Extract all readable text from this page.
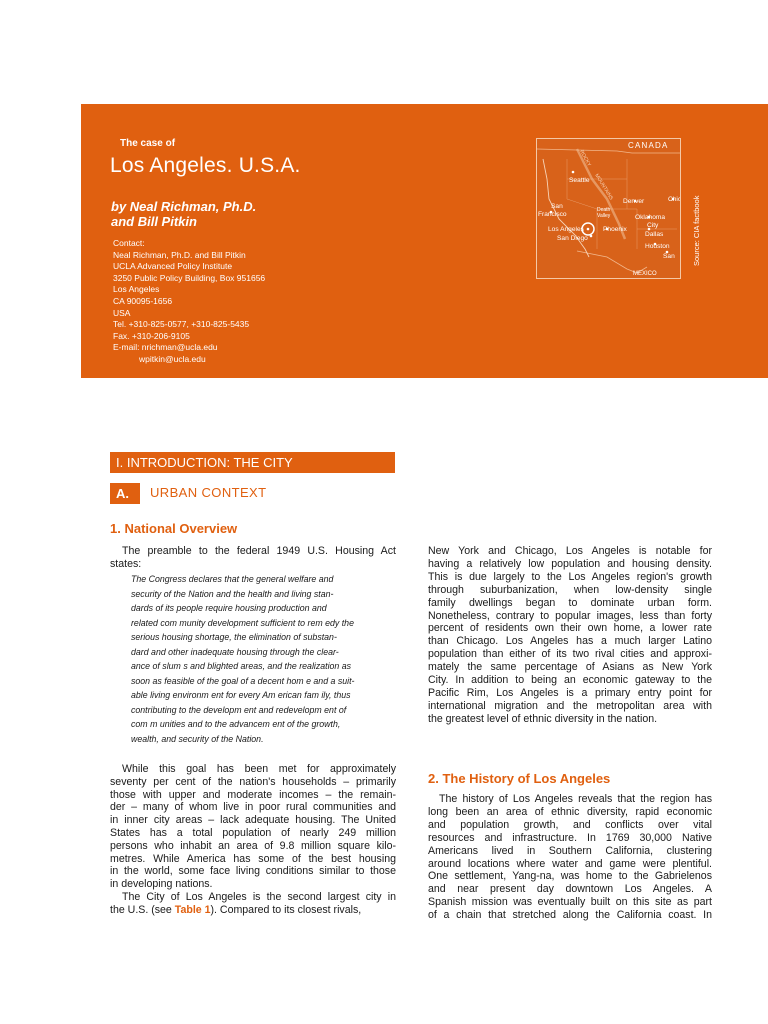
The case of
Los Angeles. U.S.A.
by Neal Richman, Ph.D.
and Bill Pitkin
Contact:
Neal Richman, Ph.D. and Bill Pitkin
UCLA Advanced Policy Institute
3250 Public Policy Building, Box 951656
Los Angeles
CA 90095-1656
USA
Tel. +310-825-0577, +310-825-5435
Fax. +310-206-9105
E-mail: nrichman@ucla.edu
wpitkin@ucla.edu
CANADA
Seattle
San
Francisco
Los Angeles
San Diego
Phoenix
Denver
Oklahoma
City
Dallas
Houston
San
Chic
MEXICO
Death
Valley
ROCKY
MOUNTAINS
Source: CIA factbook
I. INTRODUCTION: THE CITY
A.	URBAN CONTEXT
1. National Overview
The preamble to the federal 1949 U.S. Housing Act
states:
The Congress declares that the general welfare and
security of the Nation and the health and living stan-
dards of its people require housing production and
related com munity development sufficient to rem edy the
serious housing shortage, the elimination of substan-
dard and other inadequate housing through the clear-
ance of slum s and blighted areas, and the realization as
soon as feasible of the goal of a decent hom e and a suit-
able living environm ent for every Am erican fam ily, thus
contributing to the developm ent and redevelopm ent of
com m unities and to the advancem ent of the growth,
wealth, and security of the Nation.
While this goal has been met for approximately
seventy per cent of the nation's households – primarily
those with upper and moderate incomes – the remain-
der – many of whom live in poor rural communities and
in inner city areas – lack adequate housing. The United
States has a total population of nearly 249 million
persons who inhabit an area of 9.8 million square kilo-
metres. While America has some of the best housing
in the world, some face living conditions similar to those
in developing nations.
The City of Los Angeles is the second largest city in
the U.S. (see Table 1). Compared to its closest rivals,
New York and Chicago, Los Angeles is notable for
having a relatively low population and housing density.
This is due largely to the Los Angeles region's growth
through suburbanization, when low-density single
family dwellings began to dominate urban form.
Nonetheless, contrary to popular images, less than forty
percent of residents own their own home, a lower rate
than Chicago. Los Angeles has a much larger Latino
population than either of its two rival cities and approxi-
mately the same percentage of Asians as New York
City. In addition to being an economic gateway to the
Pacific Rim, Los Angeles is a primary entry point for
international migration and the metropolitan area with
the greatest level of ethnic diversity in the nation.
2. The History of Los Angeles
The history of Los Angeles reveals that the region has
long been an area of ethnic diversity, rapid economic
and population growth, and conflicts over vital
resources and infrastructure. In 1769 30,000 Native
Americans lived in Southern California, clustering
around locations where water and game were plentiful.
One settlement, Yang-na, was home to the Gabrielenos
and near present day downtown Los Angeles. A
Spanish mission was eventually built on this site as part
of a chain that stretched along the California coast. In
